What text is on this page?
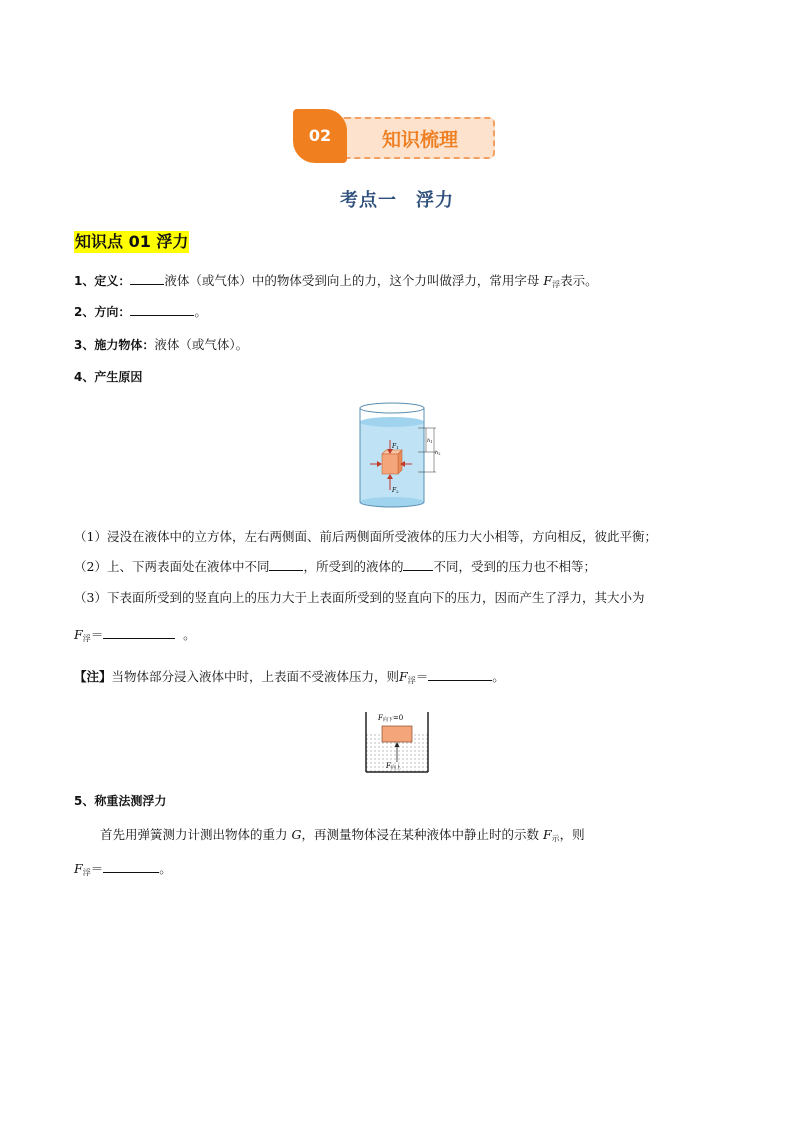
02	知识梳理
考点一　浮力
知识点 01 浮力
1、定义：	液体（或气体）中的物体受到向上的力，这个力叫做浮力，常用字母 F浮表示。
2、方向：	。
3、施力物体：液体（或气体）。
4、产生原因
F1
F2
$h_1$
$h_2$
（1）浸没在液体中的立方体，左右两侧面、前后两侧面所受液体的压力大小相等，方向相反，彼此平衡；
（2）上、下两表面处在液体中不同	，所受到的液体的 不同，受到的压力也不相等；
（3）下表面所受到的竖直向上的压力大于上表面所受到的竖直向下的压力，因而产生了浮力，其大小为
F浮＝	。
【注】当物体部分浸入液体中时，上表面不受液体压力，则F浮＝	。
F向下=0
F向上
5、称重法测浮力
首先用弹簧测力计测出物体的重力 G，再测量物体浸在某种液体中静止时的示数 F示，则
F浮＝	。
